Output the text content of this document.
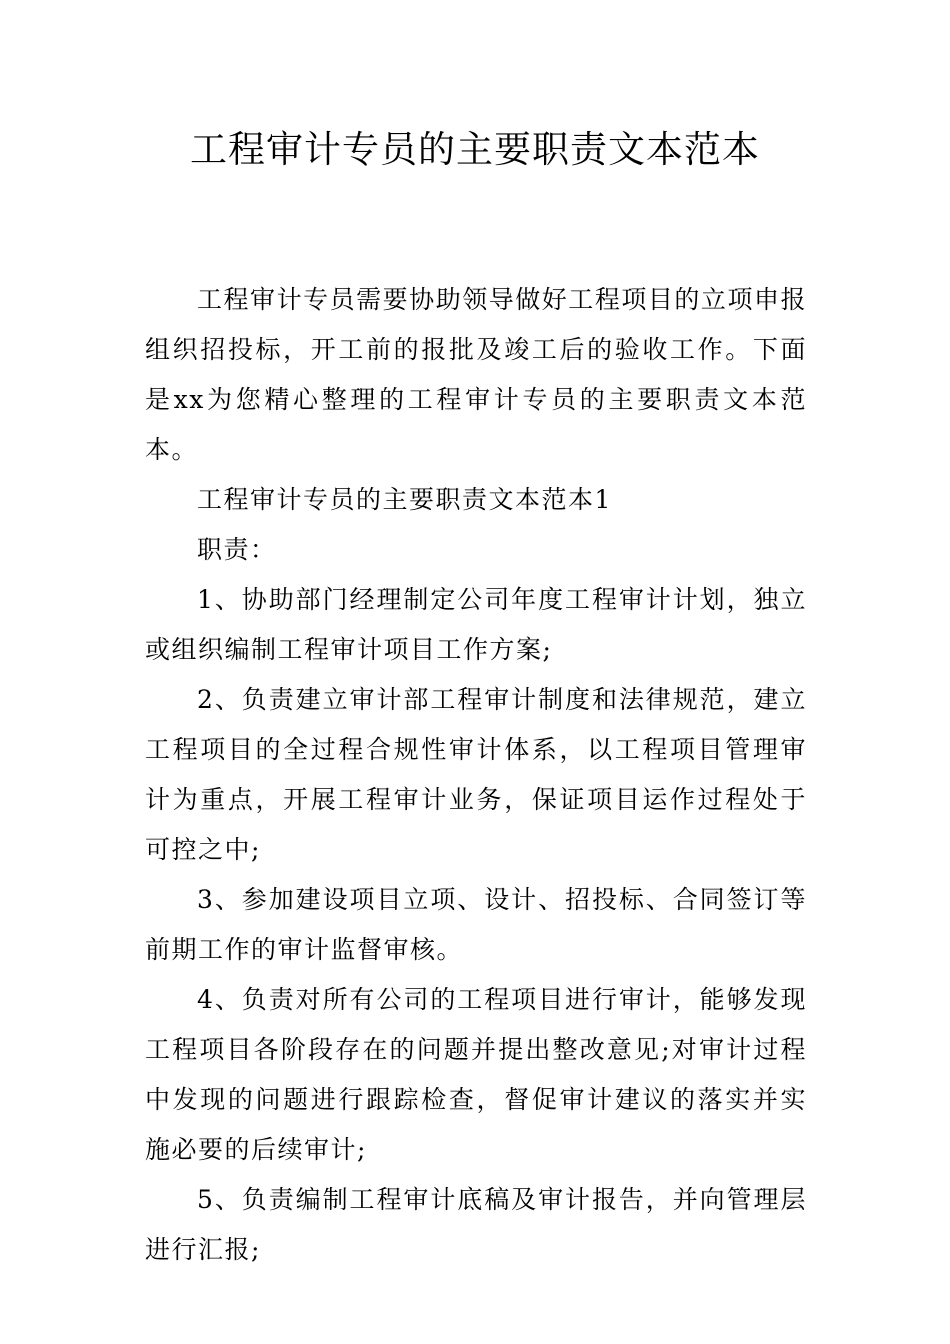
工程审计专员的主要职责文本范本

工程审计专员需要协助领导做好工程项目的立项申报组织招投标，开工前的报批及竣工后的验收工作。下面是xx为您精心整理的工程审计专员的主要职责文本范本。

工程审计专员的主要职责文本范本1

职责：

1、协助部门经理制定公司年度工程审计计划，独立或组织编制工程审计项目工作方案;

2、负责建立审计部工程审计制度和法律规范，建立工程项目的全过程合规性审计体系，以工程项目管理审计为重点，开展工程审计业务，保证项目运作过程处于可控之中;

3、参加建设项目立项、设计、招投标、合同签订等前期工作的审计监督审核。

4、负责对所有公司的工程项目进行审计，能够发现工程项目各阶段存在的问题并提出整改意见;对审计过程中发现的问题进行跟踪检查，督促审计建议的落实并实施必要的后续审计;

5、负责编制工程审计底稿及审计报告，并向管理层进行汇报;
